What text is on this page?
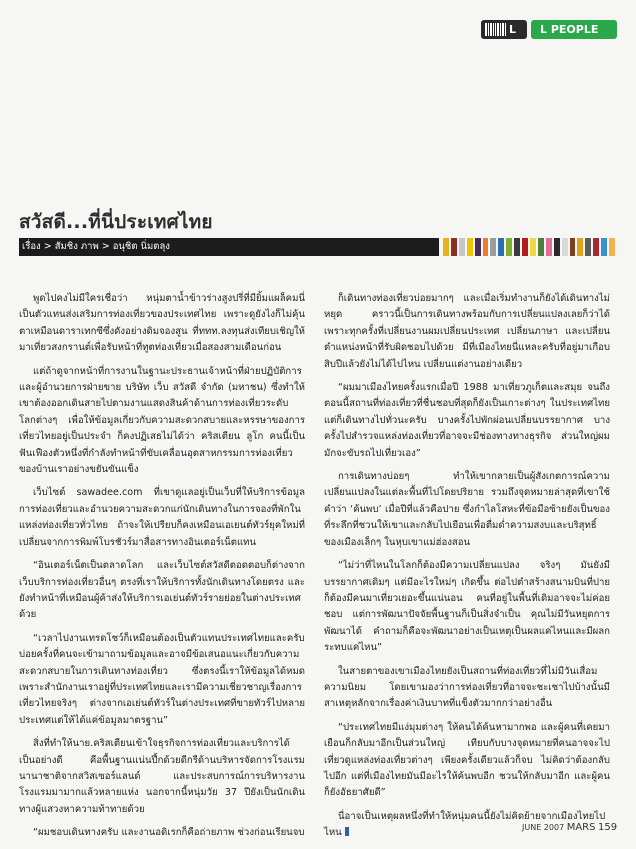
L	L PEOPLE
สวัสดี...ที่นี่ประเทศไทย
เรื่อง > สัมชิง ภาพ > อนุชิต นิ่มตลุง

พูดไปคงไม่มีใครเชื่อว่า หนุ่มตาน้ำข้าวร่างสูงปรี่ที่มียิ้มแผล็คมนี่เป็นตัวแทนส่งเสริมการท่องเที่ยวของประเทศไทย เพราะดูยังไงก็ไม่คุ้นตาเหมือนดาราเทกซีซึ่งดังอย่างดิมจองสูน ที่ททท.ลงทุนส่งเทียบเชิญให้มาเที่ยวสงกรานต์เพื่อรับหน้าที่ทูตท่องเที่ยวเมื่อสองสามเดือนก่อน

แต่ถ้าดูจากหน้าที่การงานในฐานะประธานเจ้าหน้าที่ฝ่ายปฏิบัติการและผู้อำนวยการฝ่ายขาย บริษัท เว็บ สวัสดี จำกัด (มหาชน) ซึ่งทำให้เขาต้องออกเดินสายไปตามงานแสดงสินค้าด้านการท่องเที่ยวระดับโลกต่างๆ เพื่อให้ข้อมูลเกี่ยวกับความสะดวกสบายและหรรษาของการเที่ยวไทยอยู่เป็นประจำ ก็คงปฏิเสธไม่ได้ว่า คริสเตียน ลูโก คนนี้เป็นฟันเฟืองตัวหนึ่งที่กำลังทำหน้าที่ขับเคลื่อนอุตสาหกรรมการท่องเที่ยวของบ้านเราอย่างขยันขันแข็ง

เว็บไซต์ sawadee.com ที่เขาดูแลอยู่เป็นเว็บที่ให้บริการข้อมูลการท่องเที่ยวและอำนวยความสะดวกแก่นักเดินทางในการจองที่พักในแหล่งท่องเที่ยวทั่วไทย ถ้าจะให้เปรียบก็คงเหมือนเอเยนต์ทัวร์ยุคใหม่ที่เปลี่ยนจากการพิมพ์โบรชัวร์มาสื่อสารทางอินเตอร์เน็ตแทน

“อินเตอร์เน็ตเป็นตลาดโลก และเว็บไซต์สวัสดีตอดตอบก็ต่างจากเว็บบริการท่องเที่ยวอื่นๆ ตรงที่เราให้บริการทั้งนักเดินทางโดยตรง และยังทำหน้าที่เหมือนผู้ค้าส่งให้บริการเอเย่นต์ทัวร์รายย่อยในต่างประเทศด้วย

“เวลาไปงานเทรดโชว์ก็เหมือนต้องเป็นตัวแทนประเทศไทยและครับ บ่อยครั้งที่คนจะเข้ามาถามข้อมูลและอาจมีข้อเสนอแนะเกี่ยวกับความสะดวกสบายในการเดินทางท่องเที่ยว ซึ่งตรงนี้เราให้ข้อมูลได้หมด เพราะสำนักงานเราอยู่ที่ประเทศไทยและเรามีความเชี่ยวชาญเรื่องการเที่ยวไทยจริงๆ ต่างจากเอเย่นต์ทัวร์ในต่างประเทศที่ขายทัวร์ไปหลายประเทศแต่ให้ได้แค่ข้อมูลมาตรฐาน”

สิ่งที่ทำให้นาย.คริสเตียนเข้าใจธุรกิจการท่องเที่ยวและบริการได้เป็นอย่างดี คือพื้นฐานแน่นปึ้กด้วยดีกรีด้านบริหารจัดการโรงแรมนานาชาติจากสวิสเซอร์แลนด์ และประสบการณ์การบริหารงานโรงแรมมามากแล้วหลายแห่ง นอกจากนี้หนุ่มวัย 37 ปียังเป็นนักเดินทางผู้แสวงหาความท้าทายด้วย

“ผมชอบเดินทางครับ และงานอดิเรกก็คือถ่ายภาพ ช่วงก่อนเรียนจบ

ก็เดินทางท่องเที่ยวบ่อยมากๆ และเมื่อเริ่มทำงานก็ยังได้เดินทางไม่หยุด คราวนี้เป็นการเดินทางพร้อมกับการเปลี่ยนแปลงเลยก็ว่าได้ เพราะทุกครั้งที่เปลี่ยนงานผมเปลี่ยนประเทศ เปลี่ยนภาษา และเปลี่ยนตำแหน่งหน้าที่รับผิดชอบไปด้วย มีที่เมืองไทยนี่แหละครับที่อยู่มาเกือบสิบปีแล้วยังไม่ได้ไปไหน เปลี่ยนแต่งานอย่างเดียว

“ผมมาเมืองไทยครั้งแรกเมื่อปี 1988 มาเที่ยวภูเก็ตและสมุย จนถึงตอนนี้สถานที่ท่องเที่ยวที่ชื่นชอบที่สุดก็ยังเป็นเกาะต่างๆ ในประเทศไทย แต่ก็เดินทางไปทั่วนะครับ บางครั้งไปพักผ่อนเปลี่ยนบรรยากาศ บางครั้งไปสำรวจแหล่งท่องเที่ยวที่อาจจะมีช่องทางทางธุรกิจ ส่วนใหญ่ผมมักจะขับรถไปเที่ยวเอง”

การเดินทางบ่อยๆ ทำให้เขากลายเป็นผู้สังเกตการณ์ความเปลี่ยนแปลงในแต่ละพื้นที่ไปโดยปริยาย รวมถึงจุดหมายล่าสุดที่เขาใช้คำว่า ‘ค้นพบ’ เมื่อปีที่แล้วคือปาย ซึ่งกำไลโสหะที่ข้อมือซ้ายยังเป็นของที่ระลึกที่ชวนให้เขาและกลับไปเยือนเพื่อตื่มด่ำความสงบและบริสุทธิ์ของเมืองเล็กๆ ในหุบเขาแม่ฮ่องสอน

“ไม่ว่าที่ไหนในโลกก็ต้องมีความเปลี่ยนแปลง จริงๆ มันยังมีบรรยากาศเดิมๆ แต่มีอะไรใหม่ๆ เกิดขึ้น ต่อไปตำสร้างสนามบินที่ปายก็ต้องมีคนมาเที่ยวเยอะขึ้นแน่นอน คนที่อยู่ในพื้นที่เดิมอาจจะไม่ค่อยชอบ แต่การพัฒนาปัจจัยพื้นฐานก็เป็นสิ่งจำเป็น คุณไม่มีวันหยุดการพัฒนาได้ คำถามก็คือจะพัฒนาอย่างเป็นเหตุเป็นผลแค่ไหนและมีผลกระทบแค่ไหน”

ในสายตาของเขาเมืองไทยยังเป็นสถานที่ท่องเที่ยวที่ไม่มีวันเสื่อมความนิยม โดยเขามองว่าการท่องเที่ยวที่อาจจะชะเชาไปบ้างนั้นมีสาเหตุหลักจากเรื่องค่าเงินบาทที่แข็งตัวมากกว่าอย่างอื่น

“ประเทศไทยมีแง่มุมต่างๆ ให้คนได้ค้นหามากพอ และผู้คนที่เคยมาเยือนก็กลับมาอีกเป็นส่วนใหญ่ เทียบกับบางจุดหมายที่คนอาจจะไปเที่ยวดูแหล่งท่องเที่ยวต่างๆ เพียงครั้งเดียวแล้วก็จบ ไม่คิดว่าต้องกลับไปอีก แต่ที่เมืองไทยมันมีอะไรให้ค้นพบอีก ชวนให้กลับมาอีก และผู้คนก็ยังอัธยาศัยดี”

นี่อาจเป็นเหตุผลหนึ่งที่ทำให้หนุ่มคนนี้ยังไม่คิดย้ายจากเมืองไทยไปไหน	JUNE 2007 MARS 159
